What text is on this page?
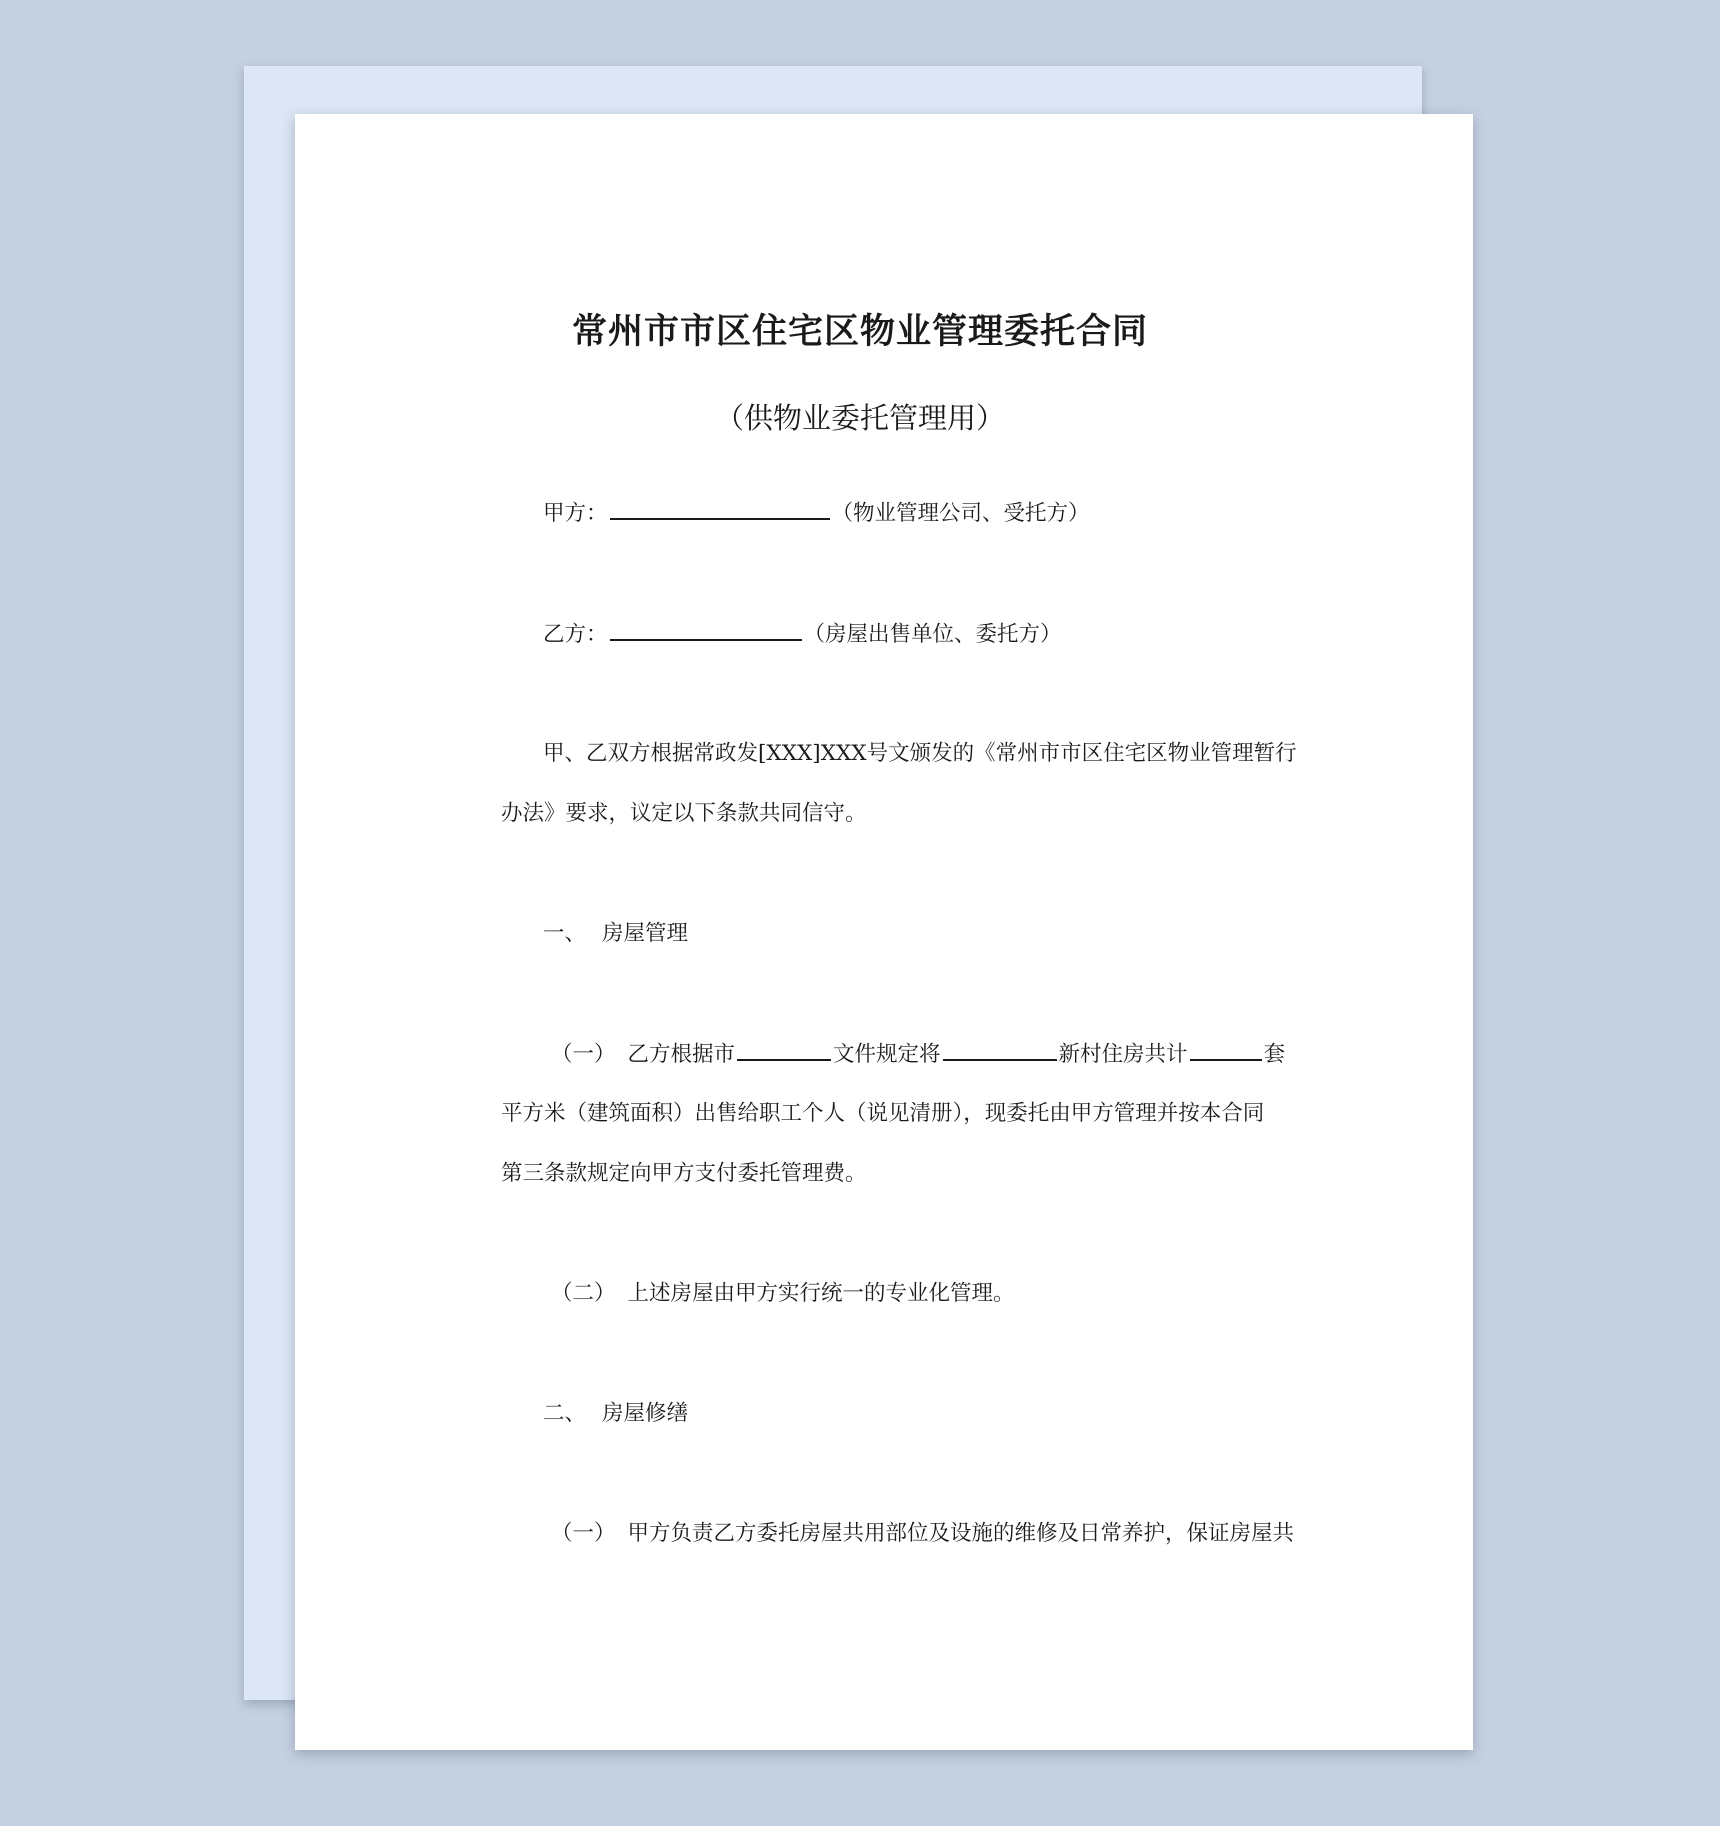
常州市市区住宅区物业管理委托合同
（供物业委托管理用）
甲方：	（物业管理公司、受托方）
乙方：	（房屋出售单位、委托方）
甲、乙双方根据常政发[XXX]XXX号文颁发的《常州市市区住宅区物业管理暂行
办法》要求，议定以下条款共同信守。
一、 房屋管理
（一） 乙方根据市	文件规定将	新村住房共计	套
平方米（建筑面积）出售给职工个人（说见清册），现委托由甲方管理并按本合同
第三条款规定向甲方支付委托管理费。
（二） 上述房屋由甲方实行统一的专业化管理。
二、 房屋修缮
（一） 甲方负责乙方委托房屋共用部位及设施的维修及日常养护，保证房屋共
